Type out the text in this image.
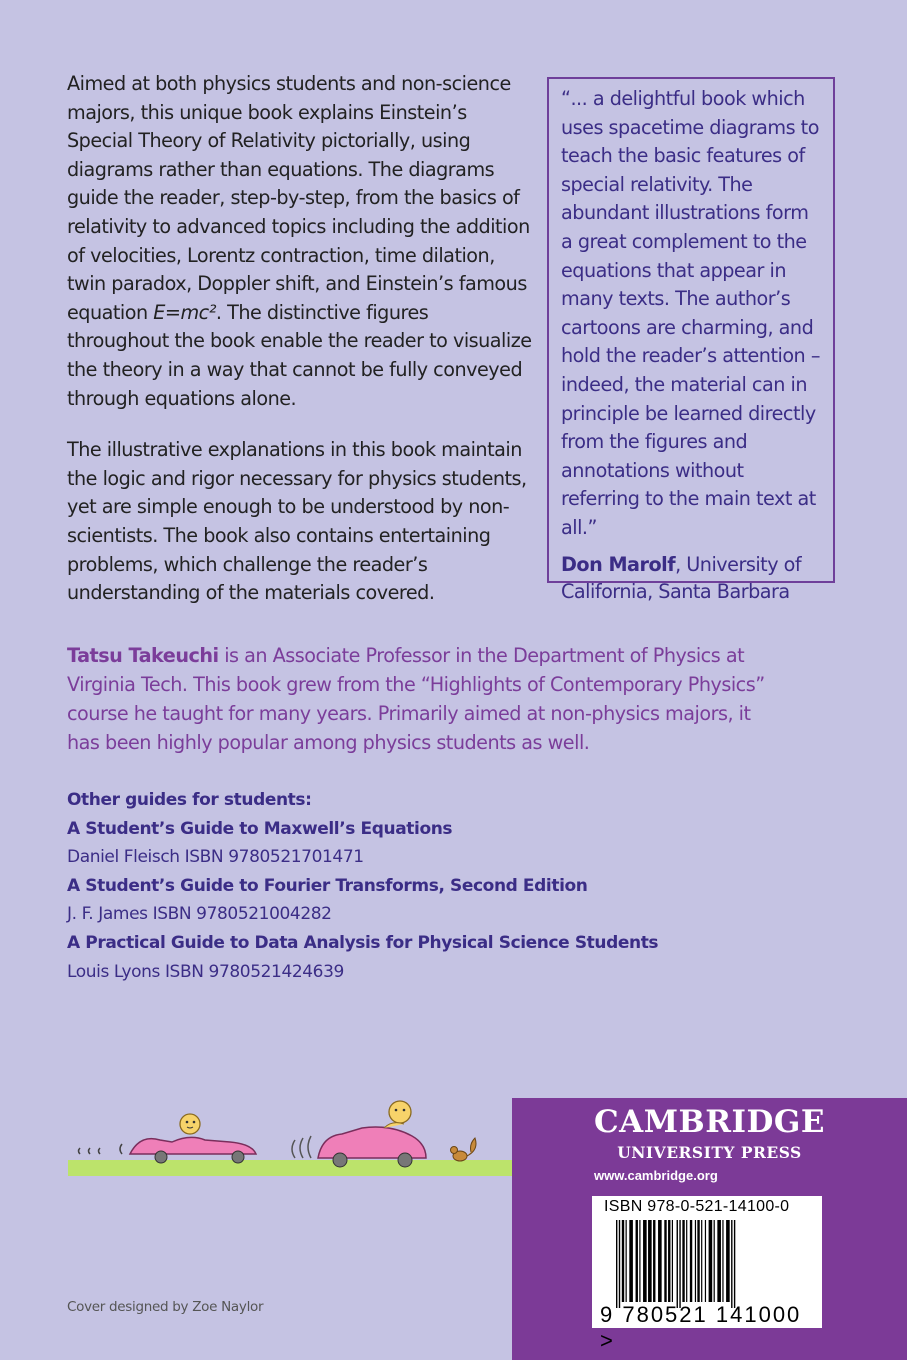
Aimed at both physics students and non-science majors, this unique book explains Einstein’s Special Theory of Relativity pictorially, using diagrams rather than equations. The diagrams guide the reader, step-by-step, from the basics of relativity to advanced topics including the addition of velocities, Lorentz contraction, time dilation, twin paradox, Doppler shift, and Einstein’s famous equation E=mc². The distinctive figures throughout the book enable the reader to visualize the theory in a way that cannot be fully conveyed through equations alone.

The illustrative explanations in this book maintain the logic and rigor necessary for physics students, yet are simple enough to be understood by non-scientists. The book also contains entertaining problems, which challenge the reader’s understanding of the materials covered.

“... a delightful book which uses spacetime diagrams to teach the basic features of special relativity. The abundant illustrations form a great complement to the equations that appear in many texts. The author’s cartoons are charming, and hold the reader’s attention – indeed, the material can in principle be learned directly from the figures and annotations without referring to the main text at all.”

Don Marolf, University of California, Santa Barbara

Tatsu Takeuchi is an Associate Professor in the Department of Physics at Virginia Tech. This book grew from the “Highlights of Contemporary Physics” course he taught for many years. Primarily aimed at non-physics majors, it has been highly popular among physics students as well.
Other guides for students:
A Student’s Guide to Maxwell’s Equations
Daniel Fleisch ISBN 9780521701471
A Student’s Guide to Fourier Transforms, Second Edition
J. F. James ISBN 9780521004282
A Practical Guide to Data Analysis for Physical Science Students
Louis Lyons ISBN 9780521424639
Cover designed by Zoe Naylor
CAMBRIDGE
UNIVERSITY PRESS
www.cambridge.org
ISBN 978-0-521-14100-0
9 780521 141000 >
